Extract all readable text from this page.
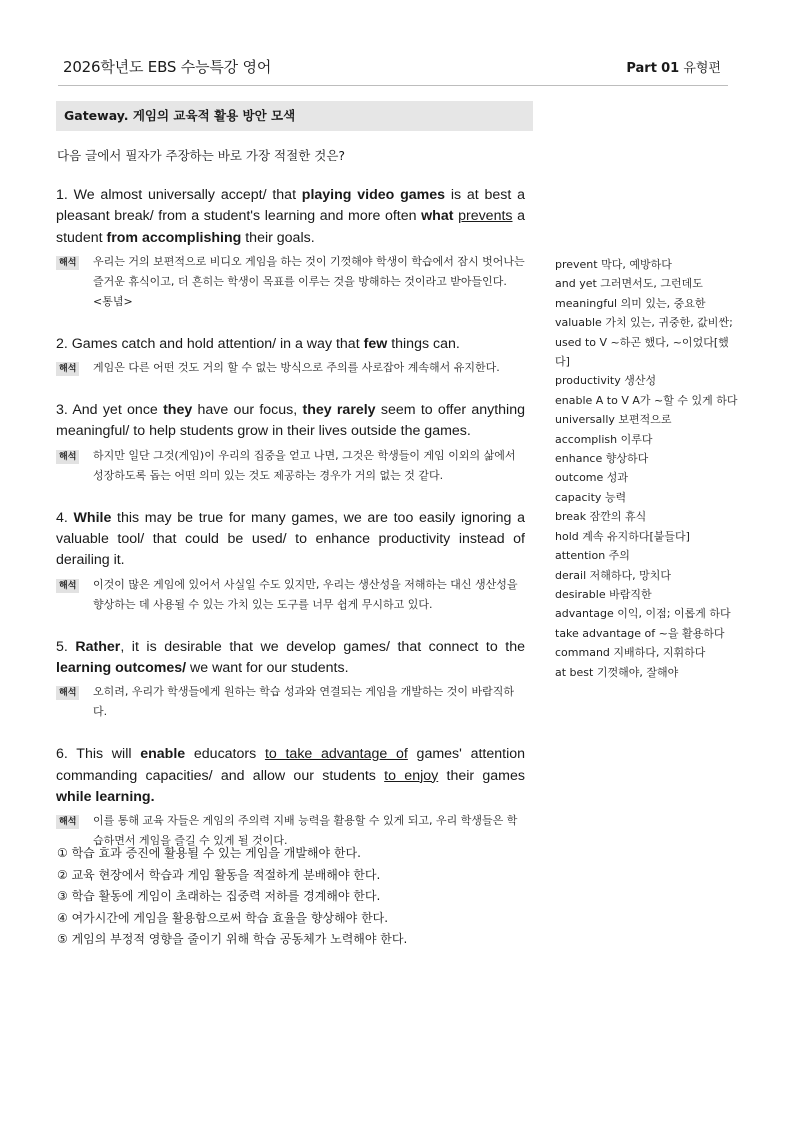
2026학년도 EBS 수능특강 영어	Part 01 유형편
Gateway. 게임의 교육적 활용 방안 모색
다음 글에서 필자가 주장하는 바로 가장 적절한 것은?
1. We almost universally accept/ that playing video games is at best a pleasant break/ from a student's learning and more often what prevents a student from accomplishing their goals.
해석 우리는 거의 보편적으로 비디오 게임을 하는 것이 기껏해야 학생이 학습에서 잠시 벗어나는 즐거운 휴식이고, 더 흔히는 학생이 목표를 이루는 것을 방해하는 것이라고 받아들인다.　<통념>
2. Games catch and hold attention/ in a way that few things can.
해석 게임은 다른 어떤 것도 거의 할 수 없는 방식으로 주의를 사로잡아 계속해서 유지한다.
3. And yet once they have our focus, they rarely seem to offer anything meaningful/ to help students grow in their lives outside the games.
해석 하지만 일단 그것(게임)이 우리의 집중을 얻고 나면, 그것은 학생들이 게임 이외의 삶에서 성장하도록 돕는 어떤 의미 있는 것도 제공하는 경우가 거의 없는 것 같다.
4. While this may be true for many games, we are too easily ignoring a valuable tool/ that could be used/ to enhance productivity instead of derailing it.
해석 이것이 많은 게임에 있어서 사실일 수도 있지만, 우리는 생산성을 저해하는 대신 생산성을 향상하는 데 사용될 수 있는 가치 있는 도구를 너무 쉽게 무시하고 있다.
5. Rather, it is desirable that we develop games/ that connect to the learning outcomes/ we want for our students.
해석 오히려, 우리가 학생들에게 원하는 학습 성과와 연결되는 게임을 개발하는 것이 바람직하다.
6. This will enable educators to take advantage of games' attention commanding capacities/ and allow our students to enjoy their games while learning.
해석 이를 통해 교육 자들은 게임의 주의력 지배 능력을 활용할 수 있게 되고, 우리 학생들은 학습하면서 게임을 즐길 수 있게 될 것이다.
① 학습 효과 증진에 활용될 수 있는 게임을 개발해야 한다.
② 교육 현장에서 학습과 게임 활동을 적절하게 분배해야 한다.
③ 학습 활동에 게임이 초래하는 집중력 저하를 경계해야 한다.
④ 여가시간에 게임을 활용함으로써 학습 효율을 향상해야 한다.
⑤ 게임의 부정적 영향을 줄이기 위해 학습 공동체가 노력해야 한다.
prevent 막다, 예방하다
and yet 그러면서도, 그런데도
meaningful 의미 있는, 중요한
valuable 가치 있는, 귀중한, 값비싼;
used to V ~하곤 했다, ~이었다[했다]
productivity 생산성
enable A to V A가 ~할 수 있게 하다
universally 보편적으로
accomplish 이루다
enhance 향상하다
outcome 성과
capacity 능력
break 잠깐의 휴식
hold 계속 유지하다[붙들다]
attention 주의
derail 저해하다, 망치다
desirable 바람직한
advantage 이익, 이점; 이롭게 하다
take advantage of ~을 활용하다
command 지배하다, 지휘하다
at best 기껏해야, 잘해야
